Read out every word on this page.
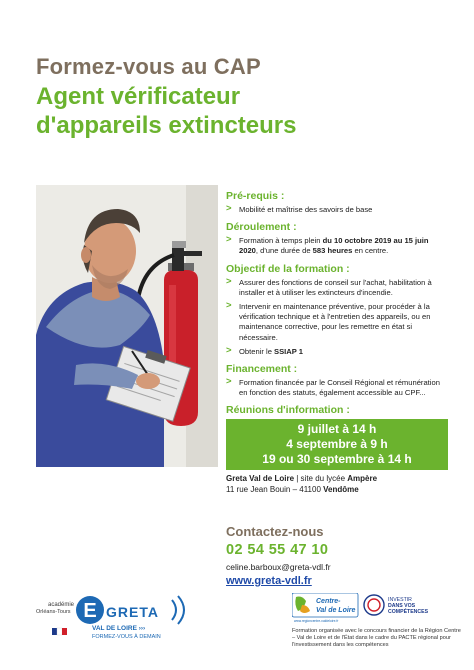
Formez-vous au CAP
Agent vérificateur
d'appareils extincteurs
Pré-requis :
> Mobilité et maîtrise des savoirs de base
Déroulement :
> Formation à temps plein du 10 octobre 2019 au 15 juin 2020, d'une durée de 583 heures en centre.
Objectif de la formation :
> Assurer des fonctions de conseil sur l'achat, habilitation à installer et à utiliser les extincteurs d'incendie.
> Intervenir en maintenance préventive, pour procéder à la vérification technique et à l'entretien des appareils, ou en maintenance corrective, pour les remettre en état si nécessaire.
> Obtenir le SSIAP 1
Financement :
> Formation financée par le Conseil Régional et rémunération en fonction des statuts, également accessible au CPF...
Réunions d'information :
9 juillet à 14 h
4 septembre à 9 h
19 ou 30 septembre à 14 h
Greta Val de Loire | site du lycée Ampère
11 rue Jean Bouin – 41100 Vendôme
Contactez-nous
02 54 55 47 10
celine.barboux@greta-vdl.fr
www.greta-vdl.fr
académie
Orléans-Tours E GRETA
VAL DE LOIRE ›››
FORMEZ-VOUS À DEMAIN
Centre-
Val de Loire
www.regioncentre-valdeloire.fr
INVESTIR
DANS VOS
COMPÉTENCES
Formation organisée avec le concours financier de la Région Centre – Val de Loire et de l'État dans le cadre du PACTE régional pour l'investissement dans les compétences
